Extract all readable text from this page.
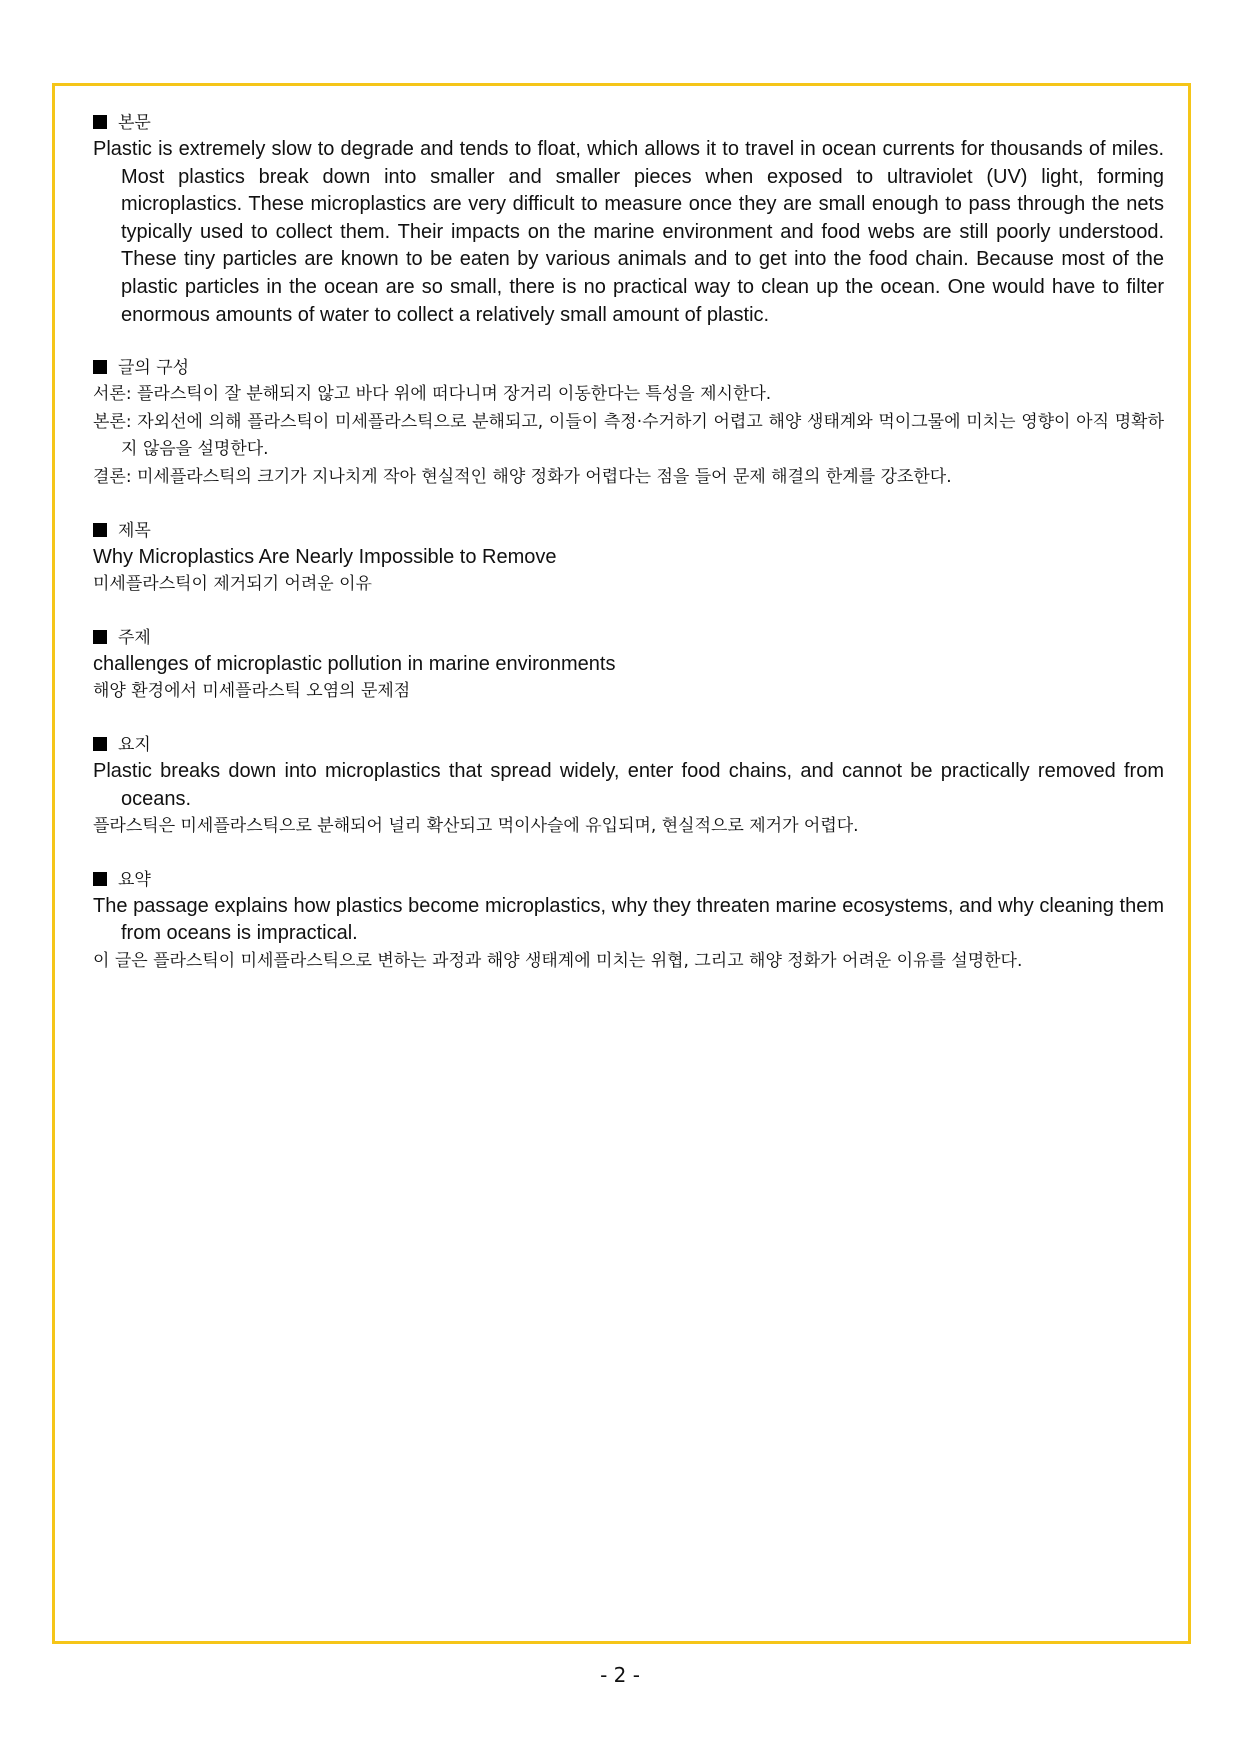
본문
Plastic is extremely slow to degrade and tends to float, which allows it to travel in ocean currents for thousands of miles. Most plastics break down into smaller and smaller pieces when exposed to ultraviolet (UV) light, forming microplastics. These microplastics are very difficult to measure once they are small enough to pass through the nets typically used to collect them. Their impacts on the marine environment and food webs are still poorly understood. These tiny particles are known to be eaten by various animals and to get into the food chain. Because most of the plastic particles in the ocean are so small, there is no practical way to clean up the ocean. One would have to filter enormous amounts of water to collect a relatively small amount of plastic.
글의 구성
서론: 플라스틱이 잘 분해되지 않고 바다 위에 떠다니며 장거리 이동한다는 특성을 제시한다.
본론: 자외선에 의해 플라스틱이 미세플라스틱으로 분해되고, 이들이 측정·수거하기 어렵고 해양 생태계와 먹이그물에 미치는 영향이 아직 명확하지 않음을 설명한다.
결론: 미세플라스틱의 크기가 지나치게 작아 현실적인 해양 정화가 어렵다는 점을 들어 문제 해결의 한계를 강조한다.
제목
Why Microplastics Are Nearly Impossible to Remove
미세플라스틱이 제거되기 어려운 이유
주제
challenges of microplastic pollution in marine environments
해양 환경에서 미세플라스틱 오염의 문제점
요지
Plastic breaks down into microplastics that spread widely, enter food chains, and cannot be practically removed from oceans.
플라스틱은 미세플라스틱으로 분해되어 널리 확산되고 먹이사슬에 유입되며, 현실적으로 제거가 어렵다.
요약
The passage explains how plastics become microplastics, why they threaten marine ecosystems, and why cleaning them from oceans is impractical.
이 글은 플라스틱이 미세플라스틱으로 변하는 과정과 해양 생태계에 미치는 위협, 그리고 해양 정화가 어려운 이유를 설명한다.
- 2 -
